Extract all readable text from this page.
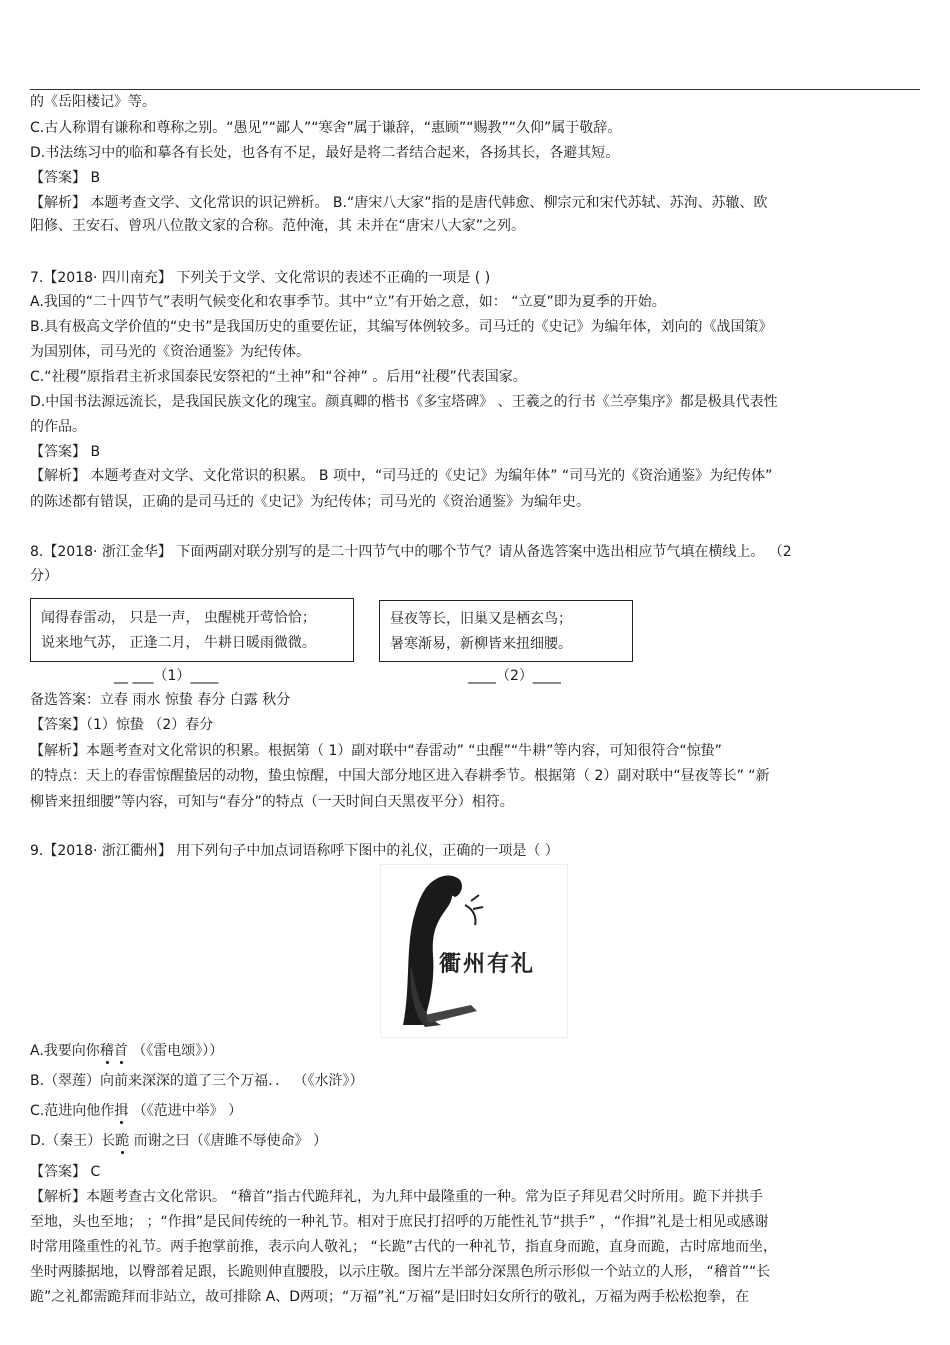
的《岳阳楼记》等。
C.古人称谓有谦称和尊称之别。“愚见”“鄙人”“寒舍”属于谦辞，“惠顾”“赐教”“久仰”属于敬辞。
D.书法练习中的临和摹各有长处，也各有不足，最好是将二者结合起来，各扬其长，各避其短。
【答案】 B
【解析】 本题考查文学、文化常识的识记辨析。 B.“唐宋八大家”指的是唐代韩愈、柳宗元和宋代苏轼、苏洵、苏辙、欧
阳修、王安石、曾巩八位散文家的合称。范仲淹，其 未并在“唐宋八大家”之列。
7.【2018· 四川南充】 下列关于文学、文化常识的表述不正确的一项是 ( )
A.我国的“二十四节气”表明气候变化和农事季节。其中“立”有开始之意，如： “立夏”即为夏季的开始。
B.具有极高文学价值的“史书”是我国历史的重要佐证，其编写体例较多。司马迁的《史记》为编年体，刘向的《战国策》
为国别体，司马光的《资治通鉴》为纪传体。
C.“社稷”原指君主祈求国泰民安祭祀的“土神”和“谷神” 。后用“社稷”代表国家。
D.中国书法源远流长，是我国民族文化的瑰宝。颜真卿的楷书《多宝塔碑》 、王羲之的行书《兰亭集序》都是极具代表性
的作品。
【答案】 B
【解析】 本题考查对文学、文化常识的积累。 B 项中，“司马迁的《史记》为编年体” “司马光的《资治通鉴》为纪传体”
的陈述都有错误，正确的是司马迁的《史记》为纪传体；司马光的《资治通鉴》为编年史。
8.【2018· 浙江金华】 下面两副对联分别写的是二十四节气中的哪个节气？请从备选答案中选出相应节气填在横线上。 （2
分）
闻得春雷动， 只是一声， 虫醒桃开莺恰恰；
说来地气苏， 正逢二月， 牛耕日暖雨微微。
昼夜等长，旧巢又是栖玄鸟；
暑寒渐易，新柳皆来扭细腰。
__ ___（1）____	____（2）____
备选答案：立春 雨水 惊蛰 春分 白露 秋分
【答案】（1）惊蛰 （2）春分
【解析】本题考查对文化常识的积累。根据第（ 1）副对联中“春雷动” “虫醒”“牛耕”等内容，可知很符合“惊蛰”
的特点：天上的春雷惊醒蛰居的动物，蛰虫惊醒，中国大部分地区进入春耕季节。根据第（ 2）副对联中“昼夜等长” “新
柳皆来扭细腰”等内容，可知与“春分”的特点（一天时间白天黑夜平分）相符。
9.【2018· 浙江衢州】 用下列句子中加点词语称呼下图中的礼仪，正确的一项是（ ）
衢州有礼
A.我要向你稽首 （《雷电颂》））
B.（翠莲）向前来深深的道了三个万福．． （《水浒》）
C.范进向他作揖 （《范进中举》 ）
D.（秦王）长跪 而谢之曰（《唐雎不辱使命》 ）
【答案】 C
【解析】本题考查古文化常识。 “稽首”指古代跪拜礼，为九拜中最隆重的一种。常为臣子拜见君父时所用。跪下并拱手
至地，头也至地； ；“作揖”是民间传统的一种礼节。相对于庶民打招呼的万能性礼节“拱手” ，“作揖”礼是士相见或感谢
时常用隆重性的礼节。两手抱掌前推，表示向人敬礼； “长跪”古代的一种礼节，指直身而跪，直身而跪，古时席地而坐，
坐时两膝据地，以臀部着足跟，长跪则伸直腰股，以示庄敬。图片左半部分深黑色所示形似一个站立的人形， “稽首”“长
跪”之礼都需跪拜而非站立，故可排除 A、D两项；“万福”礼“万福”是旧时妇女所行的敬礼，万福为两手松松抱拳，在
